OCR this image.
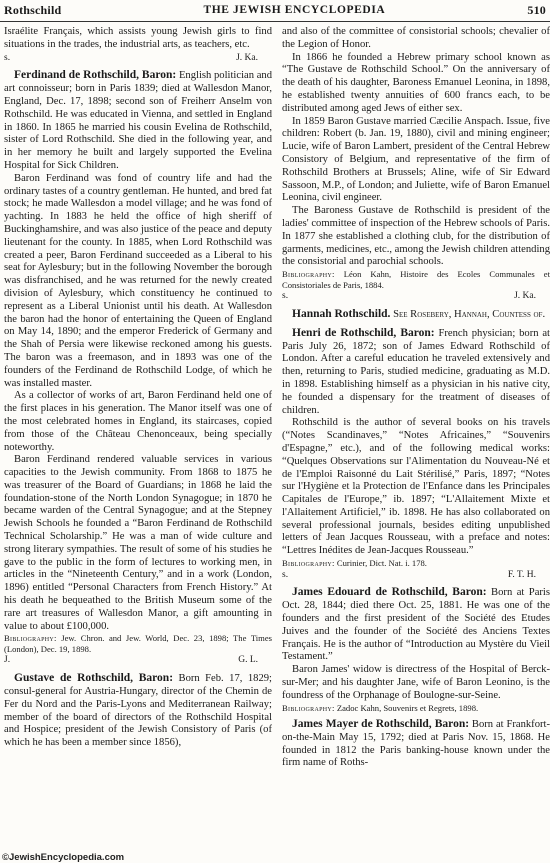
Rothschild	THE JEWISH ENCYCLOPEDIA	510

Israélite Français, which assists young Jewish girls to find situations in the trades, the industrial arts, as teachers, etc.

s.	J. Ka.

Ferdinand de Rothschild, Baron: English politician and art connoisseur; born in Paris 1839; died at Wallesdon Manor, England, Dec. 17, 1898; second son of Freiherr Anselm von Rothschild. He was educated in Vienna, and settled in England in 1860. In 1865 he married his cousin Evelina de Rothschild, sister of Lord Rothschild. She died in the following year, and in her memory he built and largely supported the Evelina Hospital for Sick Children.

Baron Ferdinand was fond of country life and had the ordinary tastes of a country gentleman. He hunted, and bred fat stock; he made Wallesdon a model village; and he was fond of yachting. In 1883 he held the office of high sheriff of Buckinghamshire, and was also justice of the peace and deputy lieutenant for the county. In 1885, when Lord Rothschild was created a peer, Baron Ferdinand succeeded as a Liberal to his seat for Aylesbury; but in the following November the borough was disfranchised, and he was returned for the newly created division of Aylesbury, which constituency he continued to represent as a Liberal Unionist until his death. At Wallesdon the baron had the honor of entertaining the Queen of England on May 14, 1890; and the emperor Frederick of Germany and the Shah of Persia were likewise reckoned among his guests. The baron was a freemason, and in 1893 was one of the founders of the Ferdinand de Rothschild Lodge, of which he was installed master.

As a collector of works of art, Baron Ferdinand held one of the first places in his generation. The Manor itself was one of the most celebrated homes in England, its staircases, copied from those of the Château Chenonceaux, being specially noteworthy.

Baron Ferdinand rendered valuable services in various capacities to the Jewish community. From 1868 to 1875 he was treasurer of the Board of Guardians; in 1868 he laid the foundation-stone of the North London Synagogue; in 1870 he became warden of the Central Synagogue; and at the Stepney Jewish Schools he founded a “Baron Ferdinand de Rothschild Technical Scholarship.” He was a man of wide culture and strong literary sympathies. The result of some of his studies he gave to the public in the form of lectures to working men, in articles in the “Nineteenth Century,” and in a work (London, 1896) entitled “Personal Characters from French History.” At his death he bequeathed to the British Museum some of the rare art treasures of Wallesdon Manor, a gift amounting in value to about £100,000.

Bibliography: Jew. Chron. and Jew. World, Dec. 23, 1898; The Times (London), Dec. 19, 1898.

J.	G. L.

Gustave de Rothschild, Baron: Born Feb. 17, 1829; consul-general for Austria-Hungary, director of the Chemin de Fer du Nord and the Paris-Lyons and Mediterranean Railway; member of the board of directors of the Rothschild Hospital and Hospice; president of the Jewish Consistory of Paris (of which he has been a member since 1856),

and also of the committee of consistorial schools; chevalier of the Legion of Honor.

In 1866 he founded a Hebrew primary school known as “The Gustave de Rothschild School.” On the anniversary of the death of his daughter, Baroness Emanuel Leonina, in 1898, he established twenty annuities of 600 francs each, to be distributed among aged Jews of either sex.

In 1859 Baron Gustave married Cæcilie Anspach. Issue, five children: Robert (b. Jan. 19, 1880), civil and mining engineer; Lucie, wife of Baron Lambert, president of the Central Hebrew Consistory of Belgium, and representative of the firm of Rothschild Brothers at Brussels; Aline, wife of Sir Edward Sassoon, M.P., of London; and Juliette, wife of Baron Emanuel Leonina, civil engineer.

The Baroness Gustave de Rothschild is president of the ladies' committee of inspection of the Hebrew schools of Paris. In 1877 she established a clothing club, for the distribution of garments, medicines, etc., among the Jewish children attending the consistorial and parochial schools.

Bibliography: Léon Kahn, Histoire des Ecoles Communales et Consistoriales de Paris, 1884.

s.	J. Ka.

Hannah Rothschild. See Rosebery, Hannah, Countess of.

Henri de Rothschild, Baron: French physician; born at Paris July 26, 1872; son of James Edward Rothschild of London. After a careful education he traveled extensively and then, returning to Paris, studied medicine, graduating as M.D. in 1898. Establishing himself as a physician in his native city, he founded a dispensary for the treatment of diseases of children.

Rothschild is the author of several books on his travels (“Notes Scandinaves,” “Notes Africaines,” “Souvenirs d'Espagne,” etc.), and of the following medical works: “Quelques Observations sur l'Alimentation du Nouveau-Né et de l'Emploi Raisonné du Lait Stérilisé,” Paris, 1897; “Notes sur l'Hygiène et la Protection de l'Enfance dans les Principales Capitales de l'Europe,” ib. 1897; “L'Allaitement Mixte et l'Allaitement Artificiel,” ib. 1898. He has also collaborated on several professional journals, besides editing unpublished letters of Jean Jacques Rousseau, with a preface and notes: “Lettres Inédites de Jean-Jacques Rousseau.”

Bibliography: Curinier, Dict. Nat. i. 178.

s.	F. T. H.

James Edouard de Rothschild, Baron: Born at Paris Oct. 28, 1844; died there Oct. 25, 1881. He was one of the founders and the first president of the Société des Etudes Juives and the founder of the Société des Anciens Textes Français. He is the author of “Introduction au Mystère du Vieil Testament.”

Baron James' widow is directress of the Hospital of Berck-sur-Mer; and his daughter Jane, wife of Baron Leonino, is the foundress of the Orphanage of Boulogne-sur-Seine.

Bibliography: Zadoc Kahn, Souvenirs et Regrets, 1898.

James Mayer de Rothschild, Baron: Born at Frankfort-on-the-Main May 15, 1792; died at Paris Nov. 15, 1868. He founded in 1812 the Paris banking-house known under the firm name of Roths-

©JewishEncyclopedia.com
